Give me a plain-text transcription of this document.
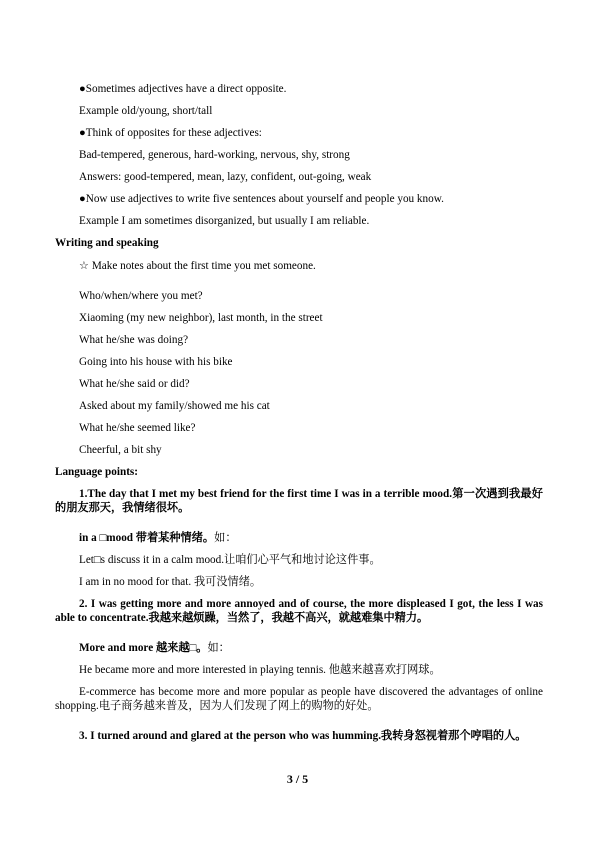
●Sometimes adjectives have a direct opposite.
Example old/young, short/tall
●Think of opposites for these adjectives:
Bad-tempered, generous, hard-working, nervous, shy, strong
Answers: good-tempered, mean, lazy, confident, out-going, weak
●Now use adjectives to write five sentences about yourself and people you know.
Example I am sometimes disorganized, but usually I am reliable.
Writing and speaking
☆ Make notes about the first time you met someone.
Who/when/where you met?
Xiaoming (my new neighbor), last month, in the street
What he/she was doing?
Going into his house with his bike
What he/she said or did?
Asked about my family/showed me his cat
What he/she seemed like?
Cheerful, a bit shy
Language points:
1.The day that I met my best friend for the first time I was in a terrible mood.第一次遇到我最好的朋友那天，我情绪很坏。
in a □mood 带着某种情绪。如：
Let□s discuss it in a calm mood.让咱们心平气和地讨论这件事。
I am in no mood for that. 我可没情绪。
2. I was getting more and more annoyed and of course, the more displeased I got, the less I was able to concentrate.我越来越烦躁，当然了，我越不高兴，就越难集中精力。
More and more 越来越□。如：
He became more and more interested in playing tennis. 他越来越喜欢打网球。
E-commerce has become more and more popular as people have discovered the advantages of online shopping.电子商务越来普及，因为人们发现了网上的购物的好处。
3. I turned around and glared at the person who was humming.我转身怒视着那个哼唱的人。
3 / 5
